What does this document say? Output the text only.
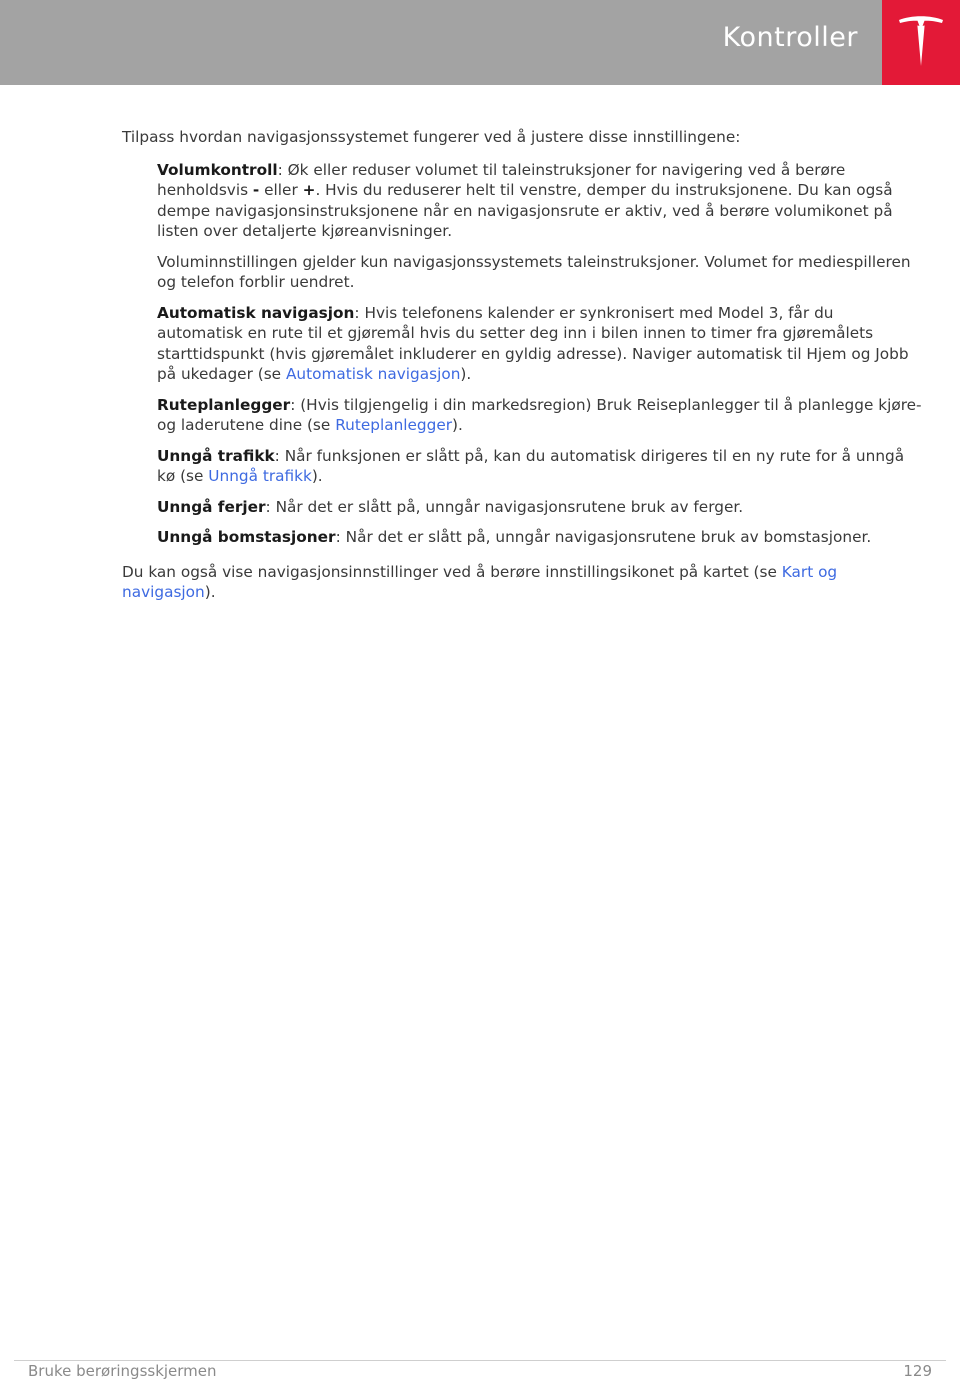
Kontroller

Tilpass hvordan navigasjonssystemet fungerer ved å justere disse innstillingene:

Volumkontroll: Øk eller reduser volumet til taleinstruksjoner for navigering ved å berøre henholdsvis - eller +. Hvis du reduserer helt til venstre, demper du instruksjonene. Du kan også dempe navigasjonsinstruksjonene når en navigasjonsrute er aktiv, ved å berøre volumikonet på listen over detaljerte kjøreanvisninger.

Voluminnstillingen gjelder kun navigasjonssystemets taleinstruksjoner. Volumet for mediespilleren og telefon forblir uendret.

Automatisk navigasjon: Hvis telefonens kalender er synkronisert med Model 3, får du automatisk en rute til et gjøremål hvis du setter deg inn i bilen innen to timer fra gjøremålets starttidspunkt (hvis gjøremålet inkluderer en gyldig adresse). Naviger automatisk til Hjem og Jobb på ukedager (se Automatisk navigasjon).

Ruteplanlegger: (Hvis tilgjengelig i din markedsregion) Bruk Reiseplanlegger til å planlegge kjøre- og laderutene dine (se Ruteplanlegger).

Unngå trafikk: Når funksjonen er slått på, kan du automatisk dirigeres til en ny rute for å unngå kø (se Unngå trafikk).

Unngå ferjer: Når det er slått på, unngår navigasjonsrutene bruk av ferger.

Unngå bomstasjoner: Når det er slått på, unngår navigasjonsrutene bruk av bomstasjoner.

Du kan også vise navigasjonsinnstillinger ved å berøre innstillingsikonet på kartet (se Kart og navigasjon).

Bruke berøringsskjermen	129
